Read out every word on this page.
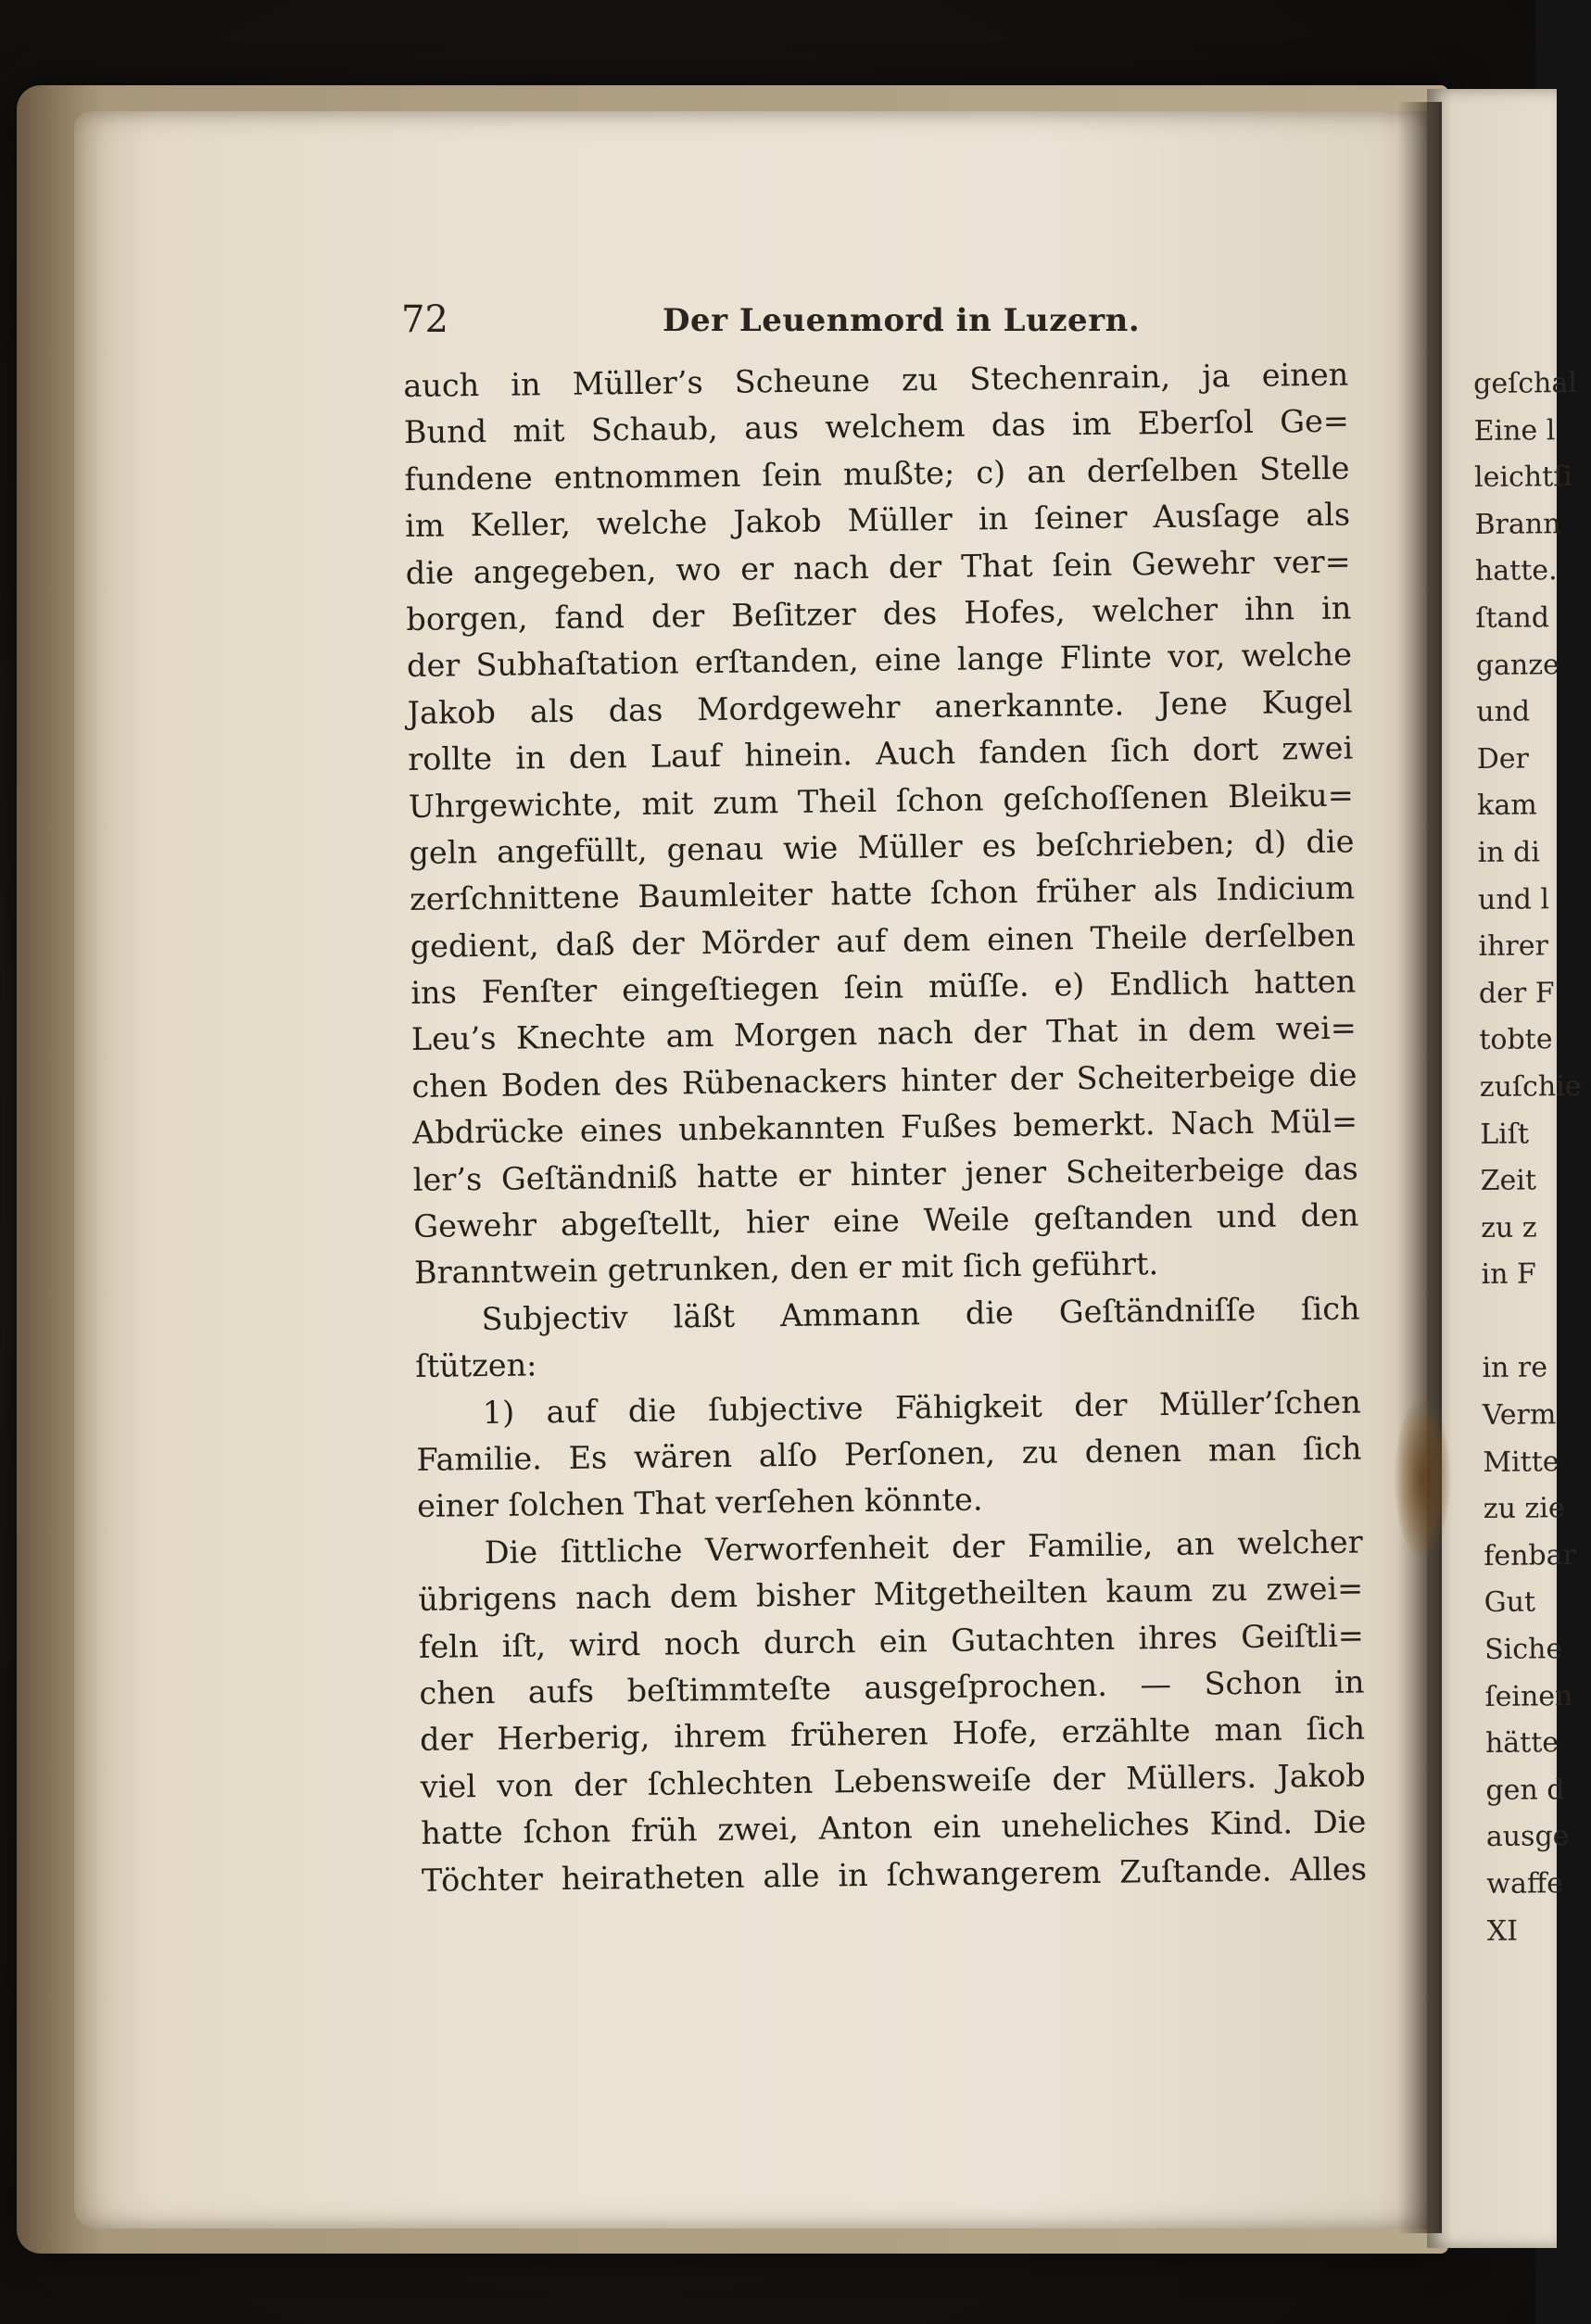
72	Der Leuenmord in Luzern.
auch in Müller’s Scheune zu Stechenrain, ja einen
Bund mit Schaub, aus welchem das im Eberſol Ge=
fundene entnommen ſein mußte; c) an derſelben Stelle
im Keller, welche Jakob Müller in ſeiner Ausſage als
die angegeben, wo er nach der That ſein Gewehr ver=
borgen, fand der Beſitzer des Hofes, welcher ihn in
der Subhaſtation erſtanden, eine lange Flinte vor, welche
Jakob als das Mordgewehr anerkannte. Jene Kugel
rollte in den Lauf hinein. Auch fanden ſich dort zwei
Uhrgewichte, mit zum Theil ſchon geſchoſſenen Bleiku=
geln angefüllt, genau wie Müller es beſchrieben; d) die
zerſchnittene Baumleiter hatte ſchon früher als Indicium
gedient, daß der Mörder auf dem einen Theile derſelben
ins Fenſter eingeſtiegen ſein müſſe. e) Endlich hatten
Leu’s Knechte am Morgen nach der That in dem wei=
chen Boden des Rübenackers hinter der Scheiterbeige die
Abdrücke eines unbekannten Fußes bemerkt. Nach Mül=
ler’s Geſtändniß hatte er hinter jener Scheiterbeige das
Gewehr abgeſtellt, hier eine Weile geſtanden und den
Branntwein getrunken, den er mit ſich geführt.
Subjectiv läßt Ammann die Geſtändniſſe ſich
ſtützen:
1) auf die ſubjective Fähigkeit der Müller’ſchen
Familie. Es wären alſo Perſonen, zu denen man ſich
einer ſolchen That verſehen könnte.
Die ſittliche Verworfenheit der Familie, an welcher
übrigens nach dem bisher Mitgetheilten kaum zu zwei=
feln iſt, wird noch durch ein Gutachten ihres Geiſtli=
chen aufs beſtimmteſte ausgeſprochen. — Schon in
der Herberig, ihrem früheren Hofe, erzählte man ſich
viel von der ſchlechten Lebensweiſe der Müllers. Jakob
hatte ſchon früh zwei, Anton ein uneheliches Kind. Die
Töchter heiratheten alle in ſchwangerem Zuſtande. Alles
geſchal
Eine l
leichtſi
Brann
hatte.
ſtand
ganze
und
Der
kam
in di
und l
ihrer
der F
tobte
zuſchie
Liſt
Zeit
zu z
in F
in re
Verm
Mitte
zu zie
fenbar
Gut
Siche
ſeinen
hätte
gen d
ausge
waffe
XI
